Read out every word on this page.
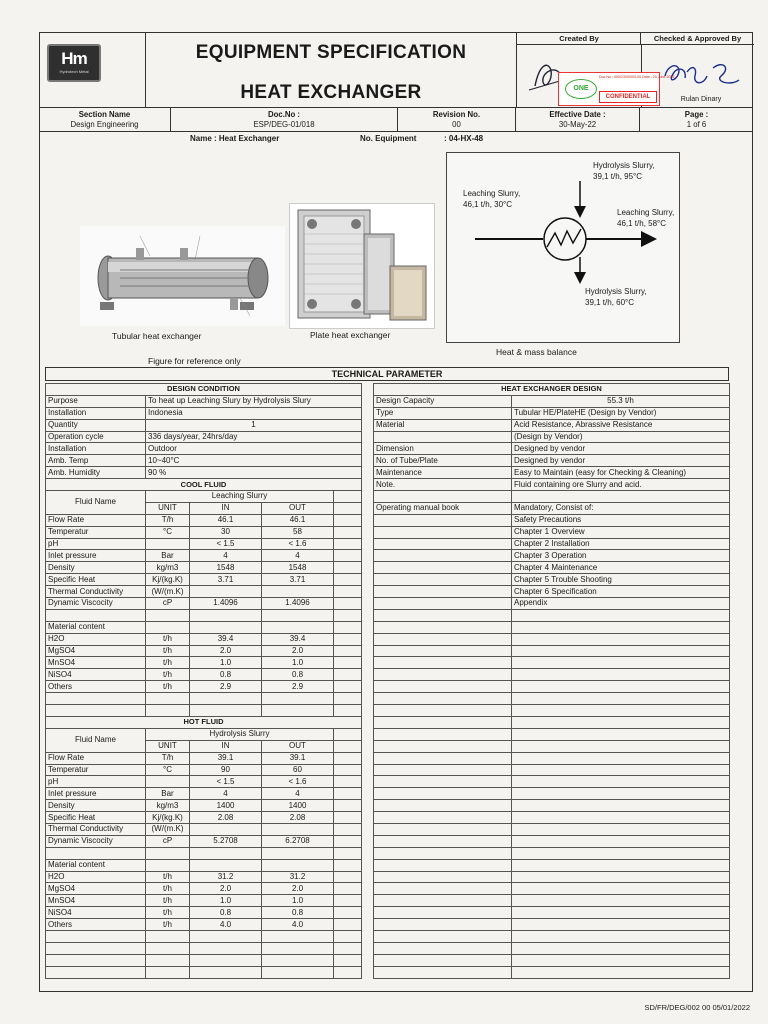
Hm
Hydrotech Metal
EQUIPMENT SPECIFICATION
HEAT EXCHANGER
Created By	Checked & Approved By
Rulan Dinary
Doc No : 000/23/00000-00 Date : 20 June 2022
ONE
CONFIDENTIAL
Section Name
Design Engineering
Doc.No :
ESP/DEG-01/018
Revision No.
00
Effective Date :
30-May-22
Page :
1 of 6
Name : Heat Exchanger	No. Equipment	: 04-HX-48
Tubular heat exchanger	Plate heat exchanger
Figure for reference only
Heat & mass balance
Hydrolysis Slurry,
39,1 t/h, 95°C
Leaching Slurry,
46,1 t/h, 30°C
Leaching Slurry,
46,1 t/h, 58°C
Hydrolysis Slurry,
39,1 t/h, 60°C
TECHNICAL PARAMETER
DESIGN CONDITION				
Purpose	To heat up Leaching Slury by Hydrolysis Slury			
Installation	Indonesia			
Quantity	1			
Operation cycle	336 days/year, 24hrs/day			
Installation	Outdoor			
Amb. Temp	10~40°C			
Amb. Humidity	90 %			
COOL FLUID				
Fluid Name	Leaching Slurry			
	UNIT	IN	OUT	
Flow Rate	T/h	46.1	46.1	
Temperatur	°C	30	58	
pH		< 1.5	< 1.6	
Inlet pressure	Bar	4	4	
Density	kg/m3	1548	1548	
Specific Heat	Kj/(kg.K)	3.71	3.71	
Thermal Conductivity	(W/(m.K)			
Dynamic Viscocity	cP	1.4096	1.4096	

Material content				
H2O	t/h	39.4	39.4	
MgSO4	t/h	2.0	2.0	
MnSO4	t/h	1.0	1.0	
NiSO4	t/h	0.8	0.8	
Others	t/h	2.9	2.9	

HOT FLUID				
Fluid Name	Hydrolysis Slurry			
	UNIT	IN	OUT	
Flow Rate	T/h	39.1	39.1	
Temperatur	°C	90	60	
pH		< 1.5	< 1.6	
Inlet pressure	Bar	4	4	
Density	kg/m3	1400	1400	
Specific Heat	Kj/(kg.K)	2.08	2.08	
Thermal Conductivity	(W/(m.K)			
Dynamic Viscocity	cP	5.2708	6.2708	

Material content				
H2O	t/h	31.2	31.2	
MgSO4	t/h	2.0	2.0	
MnSO4	t/h	1.0	1.0	
NiSO4	t/h	0.8	0.8	
Others	t/h	4.0	4.0	

HEAT EXCHANGER DESIGN	
Design Capacity	55.3 t/h
Type	Tubular HE/PlateHE (Design by Vendor)
Material	Acid Resistance, Abrassive Resistance
	(Design by Vendor)
Dimension	Designed by vendor
No. of Tube/Plate	Designed by vendor
Maintenance	Easy to Maintain (easy for Checking & Cleaning)
Note.	Fluid containing ore Slurry and acid.

Operating manual book	Mandatory, Consist of:
	Safety Precautions
	Chapter 1 Overview
	Chapter 2 Installation
	Chapter 3 Operation
	Chapter 4 Maintenance
	Chapter 5 Trouble Shooting
	Chapter 6 Specification
	Appendix

SD/FR/DEG/002 00 05/01/2022
